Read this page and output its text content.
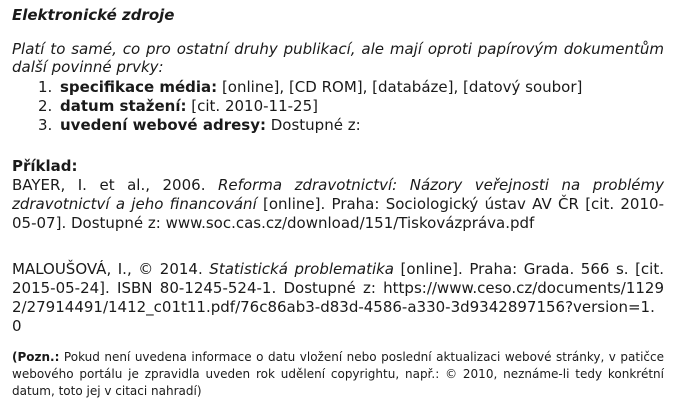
Elektronické zdroje
Platí to samé, co pro ostatní druhy publikací, ale mají oproti papírovým dokumentům další povinné prvky:
1. specifikace média: [online], [CD ROM], [databáze], [datový soubor]
2. datum stažení: [cit. 2010-11-25]
3. uvedení webové adresy: Dostupné z:
Příklad:
BAYER, I. et al., 2006. Reforma zdravotnictví: Názory veřejnosti na problémy zdravotnictví a jeho financování [online]. Praha: Sociologický ústav AV ČR [cit. 2010-05-07]. Dostupné z: www.soc.cas.cz/download/151/Tiskovázpráva.pdf
MALOUŠOVÁ, I., © 2014. Statistická problematika [online]. Praha: Grada. 566 s. [cit. 2015-05-24]. ISBN 80-1245-524-1. Dostupné z: https://www.ceso.cz/documents/11292/27914491/1412_c01t11.pdf/76c86ab3-d83d-4586-a330-3d9342897156?version=1.0
(Pozn.: Pokud není uvedena informace o datu vložení nebo poslední aktualizaci webové stránky, v patičce webového portálu je zpravidla uveden rok udělení copyrightu, např.: © 2010, neznáme-li tedy konkrétní datum, toto jej v citaci nahradí)
